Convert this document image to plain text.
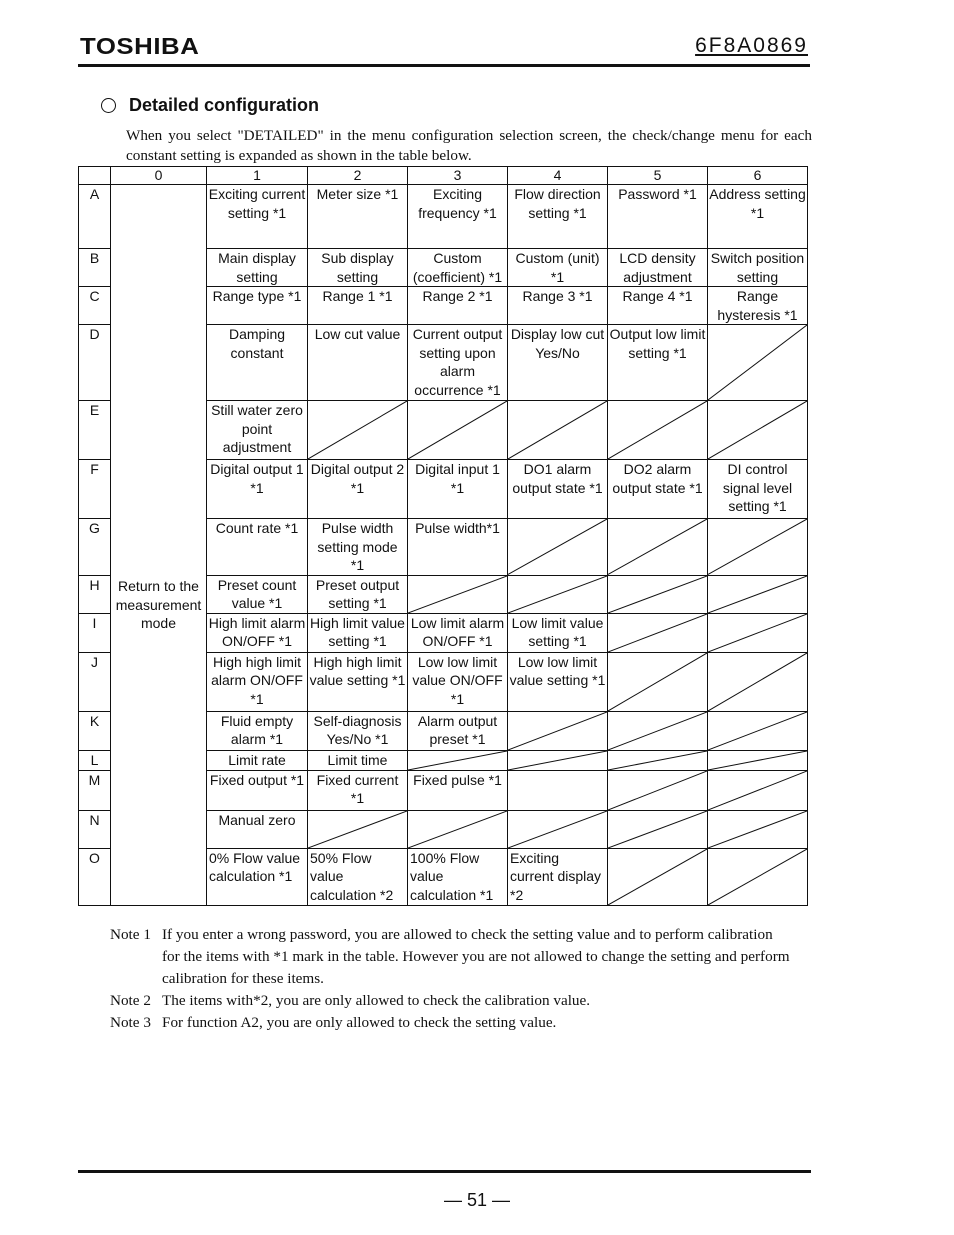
TOSHIBA	6F8A0869
Detailed configuration
When you select "DETAILED" in the menu configuration selection screen, the check/change menu for each constant setting is expanded as shown in the table below.
	0	1	2	3	4	5	6
A	Return to the measurement mode	Exciting current setting *1	Meter size *1	Exciting frequency *1	Flow direction setting *1	Password *1	Address setting *1
B		Main display setting	Sub display setting	Custom (coefficient) *1	Custom (unit) *1	LCD density adjustment	Switch position setting
C		Range type *1	Range 1 *1	Range 2 *1	Range 3 *1	Range 4 *1	Range hysteresis *1
D		Damping constant	Low cut value	Current output setting upon alarm occurrence *1	Display low cut Yes/No	Output low limit setting *1	

E		Still water zero point adjustment	

F		Digital output 1 *1	Digital output 2 *1	Digital input 1 *1	DO1 alarm output state *1	DO2 alarm output state *1	DI control signal level setting *1
G		Count rate *1	Pulse width setting mode *1	Pulse width*1	

H		Preset count value *1	Preset output setting *1	

I		High limit alarm ON/OFF *1	High limit value setting *1	Low limit alarm ON/OFF *1	Low limit value setting *1	

J		High high limit alarm ON/OFF *1	High high limit value setting *1	Low low limit value ON/OFF *1	Low low limit value setting *1	

K		Fluid empty alarm *1	Self-diagnosis Yes/No *1	Alarm output preset *1	

L		Limit rate	Limit time	

M		Fixed output *1	Fixed current *1	Fixed pulse *1		

N		Manual zero	

O		0% Flow value calculation *1	50% Flow value calculation *2	100% Flow value calculation *1	Exciting current display *2	

Note 1 If you enter a wrong password, you are allowed to check the setting value and to perform calibration for the items with *1 mark in the table. However you are not allowed to change the setting and perform calibration for these items.
Note 2 The items with*2, you are only allowed to check the calibration value.
Note 3 For function A2, you are only allowed to check the setting value.
— 51 —
